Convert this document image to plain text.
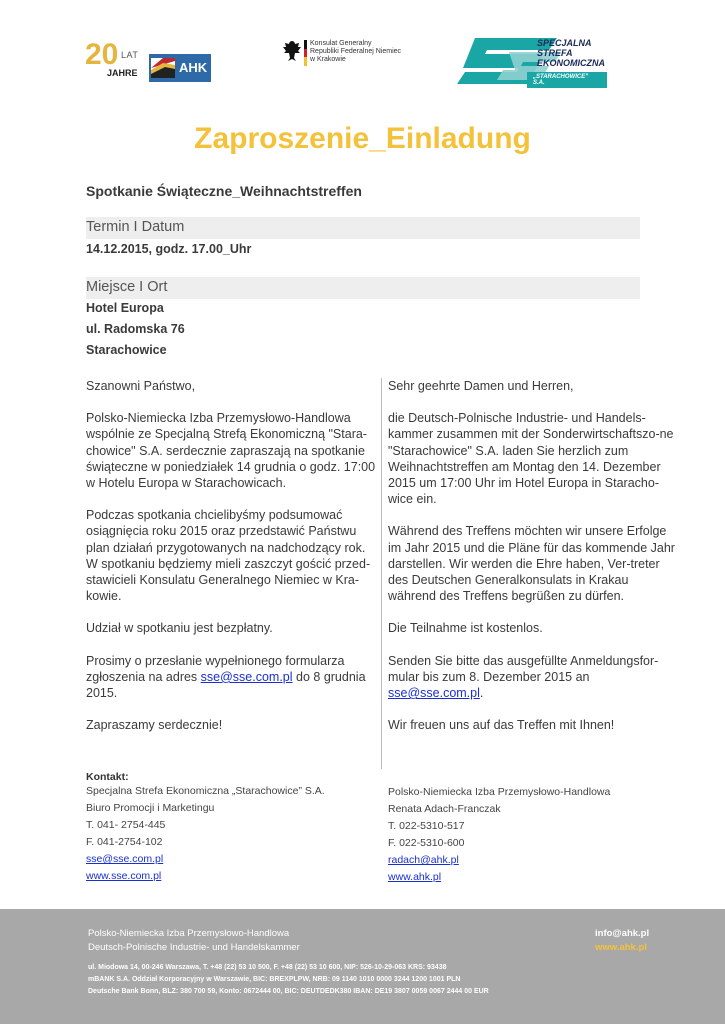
20 LAT
JAHRE	AHK
Konsulat Generalny
Republiki Federalnej Niemiec
w Krakowie
SPECJALNA
STREFA
EKONOMICZNA
„STARACHOWICE” S.A.
Zaproszenie_Einladung
Spotkanie Świąteczne_Weihnachtstreffen
Termin I Datum
14.12.2015, godz. 17.00_Uhr
Miejsce I Ort
Hotel Europa
ul. Radomska 76
Starachowice

Szanowni Państwo,

Polsko-Niemiecka Izba Przemysłowo-Handlowa wspólnie ze Specjalną Strefą Ekonomiczną "Stara-chowice" S.A. serdecznie zapraszają na spotkanie świąteczne w poniedziałek 14 grudnia o godz. 17:00 w Hotelu Europa w Starachowicach.

Podczas spotkania chcielibyśmy podsumować osiągnięcia roku 2015 oraz przedstawić Państwu plan działań przygotowanych na nadchodzący rok. W spotkaniu będziemy mieli zaszczyt gościć przed-stawicieli Konsulatu Generalnego Niemiec w Kra-kowie.

Udział w spotkaniu jest bezpłatny.

Prosimy o przesłanie wypełnionego formularza zgłoszenia na adres sse@sse.com.pl do 8 grudnia 2015.

Zapraszamy serdecznie!

Sehr geehrte Damen und Herren,

die Deutsch-Polnische Industrie- und Handels-kammer zusammen mit der Sonderwirtschaftszo-ne "Starachowice" S.A. laden Sie herzlich zum Weihnachtstreffen am Montag den 14. Dezember 2015 um 17:00 Uhr im Hotel Europa in Staracho-wice ein.

Während des Treffens möchten wir unsere Erfolge im Jahr 2015 und die Pläne für das kommende Jahr darstellen. Wir werden die Ehre haben, Ver-treter des Deutschen Generalkonsulats in Krakau während des Treffens begrüßen zu dürfen.

Die Teilnahme ist kostenlos.

Senden Sie bitte das ausgefüllte Anmeldungsfor-mular bis zum 8. Dezember 2015 an sse@sse.com.pl.

Wir freuen uns auf das Treffen mit Ihnen!

Kontakt:
Specjalna Strefa Ekonomiczna „Starachowice” S.A.
Biuro Promocji i Marketingu
T. 041- 2754-445
F. 041-2754-102
sse@sse.com.pl
www.sse.com.pl
Polsko-Niemiecka Izba Przemysłowo-Handlowa
Renata Adach-Franczak
T. 022-5310-517
F. 022-5310-600
radach@ahk.pl
www.ahk.pl
Polsko-Niemiecka Izba Przemysłowo-Handlowa
Deutsch-Polnische Industrie- und Handelskammer
info@ahk.pl
www.ahk.pl
ul. Miodowa 14, 00-246 Warszawa, T. +48 (22) 53 10 500, F. +48 (22) 53 10 600, NIP: 526-10-29-063 KRS: 93438
mBANK S.A. Oddział Korporacyjny w Warszawie, BIC: BREXPLPW, NRB: 09 1140 1010 0000 3244 1200 1001 PLN
Deutsche Bank Bonn, BLZ: 380 700 59, Konto: 0672444 00, BIC: DEUTDEDK380 IBAN: DE19 3807 0059 0067 2444 00 EUR
